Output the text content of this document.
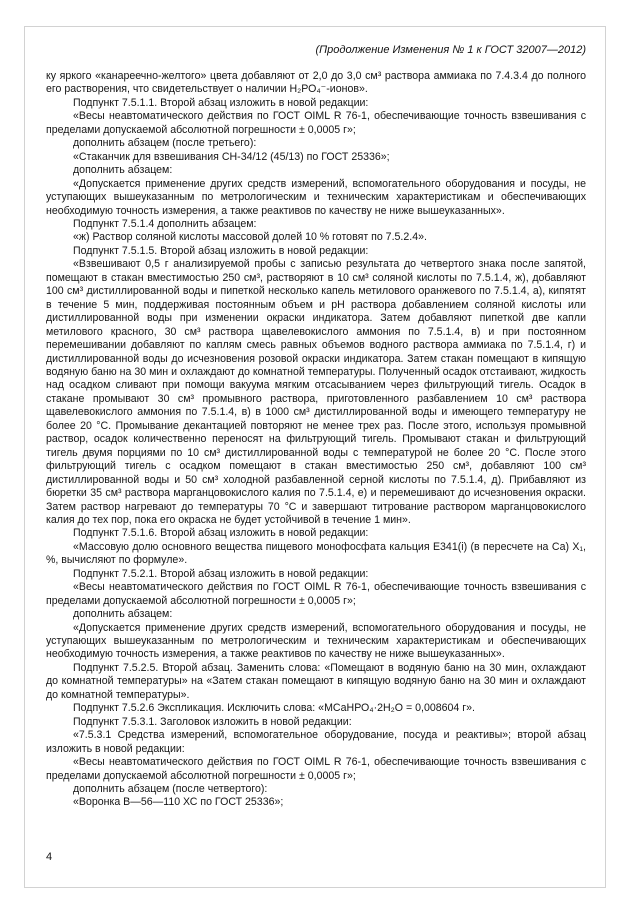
(Продолжение Изменения № 1 к ГОСТ 32007—2012)

ку яркого «канареечно-желтого» цвета добавляют от 2,0 до 3,0 см³ раствора аммиака по 7.4.3.4 до полного его растворения, что свидетельствует о наличии Н₂РО₄⁻-ионов».

Подпункт 7.5.1.1. Второй абзац изложить в новой редакции:

«Весы неавтоматического действия по ГОСТ OIML R 76-1, обеспечивающие точность взвешивания с пределами допускаемой абсолютной погрешности ± 0,0005 г»;

дополнить абзацем (после третьего):

«Стаканчик для взвешивания СН-34/12 (45/13) по ГОСТ 25336»;

дополнить абзацем:

«Допускается применение других средств измерений, вспомогательного оборудования и посуды, не уступающих вышеуказанным по метрологическим и техническим характеристикам и обеспечивающих необходимую точность измерения, а также реактивов по качеству не ниже вышеуказанных».

Подпункт 7.5.1.4 дополнить абзацем:

«ж) Раствор соляной кислоты массовой долей 10 % готовят по 7.5.2.4».

Подпункт 7.5.1.5. Второй абзац изложить в новой редакции:

«Взвешивают 0,5 г анализируемой пробы с записью результата до четвертого знака после запятой, помещают в стакан вместимостью 250 см³, растворяют в 10 см³ соляной кислоты по 7.5.1.4, ж), добавляют 100 см³ дистиллированной воды и пипеткой несколько капель метилового оранжевого по 7.5.1.4, а), кипятят в течение 5 мин, поддерживая постоянным объем и рН раствора добавлением соляной кислоты или дистиллированной воды при изменении окраски индикатора. Затем добавляют пипеткой две капли метилового красного, 30 см³ раствора щавелевокислого аммония по 7.5.1.4, в) и при постоянном перемешивании добавляют по каплям смесь равных объемов водного раствора аммиака по 7.5.1.4, г) и дистиллированной воды до исчезновения розовой окраски индикатора. Затем стакан помещают в кипящую водяную баню на 30 мин и охлаждают до комнатной температуры. Полученный осадок отстаивают, жидкость над осадком сливают при помощи вакуума мягким отсасыванием через фильтрующий тигель. Осадок в стакане промывают 30 см³ промывного раствора, приготовленного разбавлением 10 см³ раствора щавелевокислого аммония по 7.5.1.4, в) в 1000 см³ дистиллированной воды и имеющего температуру не более 20 °С. Промывание декантацией повторяют не менее трех раз. После этого, используя промывной раствор, осадок количественно переносят на фильтрующий тигель. Промывают стакан и фильтрующий тигель двумя порциями по 10 см³ дистиллированной воды с температурой не более 20 °С. После этого фильтрующий тигель с осадком помещают в стакан вместимостью 250 см³, добавляют 100 см³ дистиллированной воды и 50 см³ холодной разбавленной серной кислоты по 7.5.1.4, д). Прибавляют из бюретки 35 см³ раствора марганцовокислого калия по 7.5.1.4, е) и перемешивают до исчезновения окраски. Затем раствор нагревают до температуры 70 °С и завершают титрование раствором марганцовокислого калия до тех пор, пока его окраска не будет устойчивой в течение 1 мин».

Подпункт 7.5.1.6. Второй абзац изложить в новой редакции:

«Массовую долю основного вещества пищевого монофосфата кальция Е341(i) (в пересчете на Са) Х₁, %, вычисляют по формуле».

Подпункт 7.5.2.1. Второй абзац изложить в новой редакции:

«Весы неавтоматического действия по ГОСТ OIML R 76-1, обеспечивающие точность взвешивания с пределами допускаемой абсолютной погрешности ± 0,0005 г»;

дополнить абзацем:

«Допускается применение других средств измерений, вспомогательного оборудования и посуды, не уступающих вышеуказанным по метрологическим и техническим характеристикам и обеспечивающих необходимую точность измерения, а также реактивов по качеству не ниже вышеуказанных».

Подпункт 7.5.2.5. Второй абзац. Заменить слова: «Помещают в водяную баню на 30 мин, охлаждают до комнатной температуры» на «Затем стакан помещают в кипящую водяную баню на 30 мин и охлаждают до комнатной температуры».

Подпункт 7.5.2.6 Экспликация. Исключить слова: «МСаНРО₄·2Н₂О = 0,008604 г».

Подпункт 7.5.3.1. Заголовок изложить в новой редакции:

«7.5.3.1 Средства измерений, вспомогательное оборудование, посуда и реактивы»; второй абзац изложить в новой редакции:

«Весы неавтоматического действия по ГОСТ OIML R 76-1, обеспечивающие точность взвешивания с пределами допускаемой абсолютной погрешности ± 0,0005 г»;

дополнить абзацем (после четвертого):

«Воронка В—56—110 ХС по ГОСТ 25336»;

4
